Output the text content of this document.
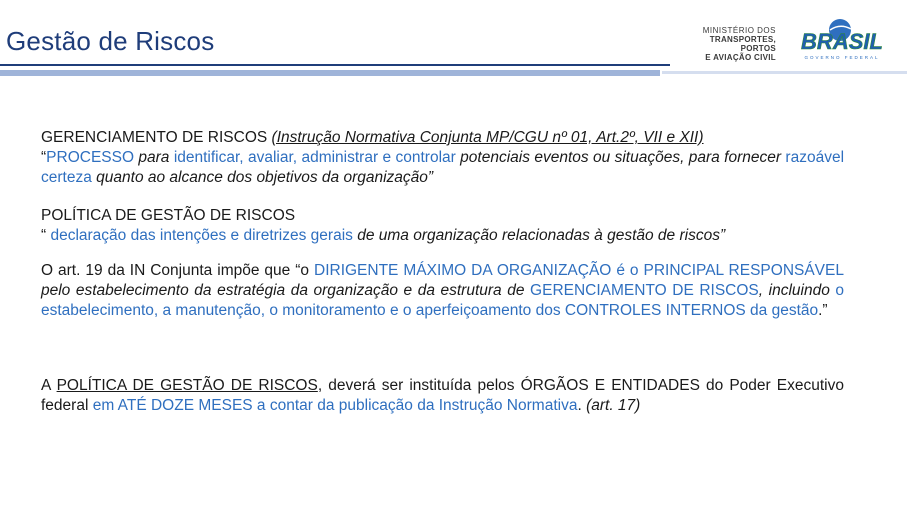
Gestão de Riscos	MINISTÉRIO DOS
TRANSPORTES, PORTOS
E AVIAÇÃO CIVIL
BRASIL
GOVERNO FEDERAL

GERENCIAMENTO DE RISCOS (Instrução Normativa Conjunta MP/CGU nº 01, Art.2º, VII e XII)
“PROCESSO para identificar, avaliar, administrar e controlar potenciais eventos ou situações, para fornecer razoável certeza quanto ao alcance dos objetivos da organização”

POLÍTICA DE GESTÃO DE RISCOS
“ declaração das intenções e diretrizes gerais de uma organização relacionadas à gestão de riscos”

O art. 19 da IN Conjunta impõe que “o DIRIGENTE MÁXIMO DA ORGANIZAÇÃO é o PRINCIPAL RESPONSÁVEL pelo estabelecimento da estratégia da organização e da estrutura de GERENCIAMENTO DE RISCOS, incluindo o estabelecimento, a manutenção, o monitoramento e o aperfeiçoamento dos CONTROLES INTERNOS da gestão.”

A POLÍTICA DE GESTÃO DE RISCOS, deverá ser instituída pelos ÓRGÃOS E ENTIDADES do Poder Executivo federal em ATÉ DOZE MESES a contar da publicação da Instrução Normativa. (art. 17)
